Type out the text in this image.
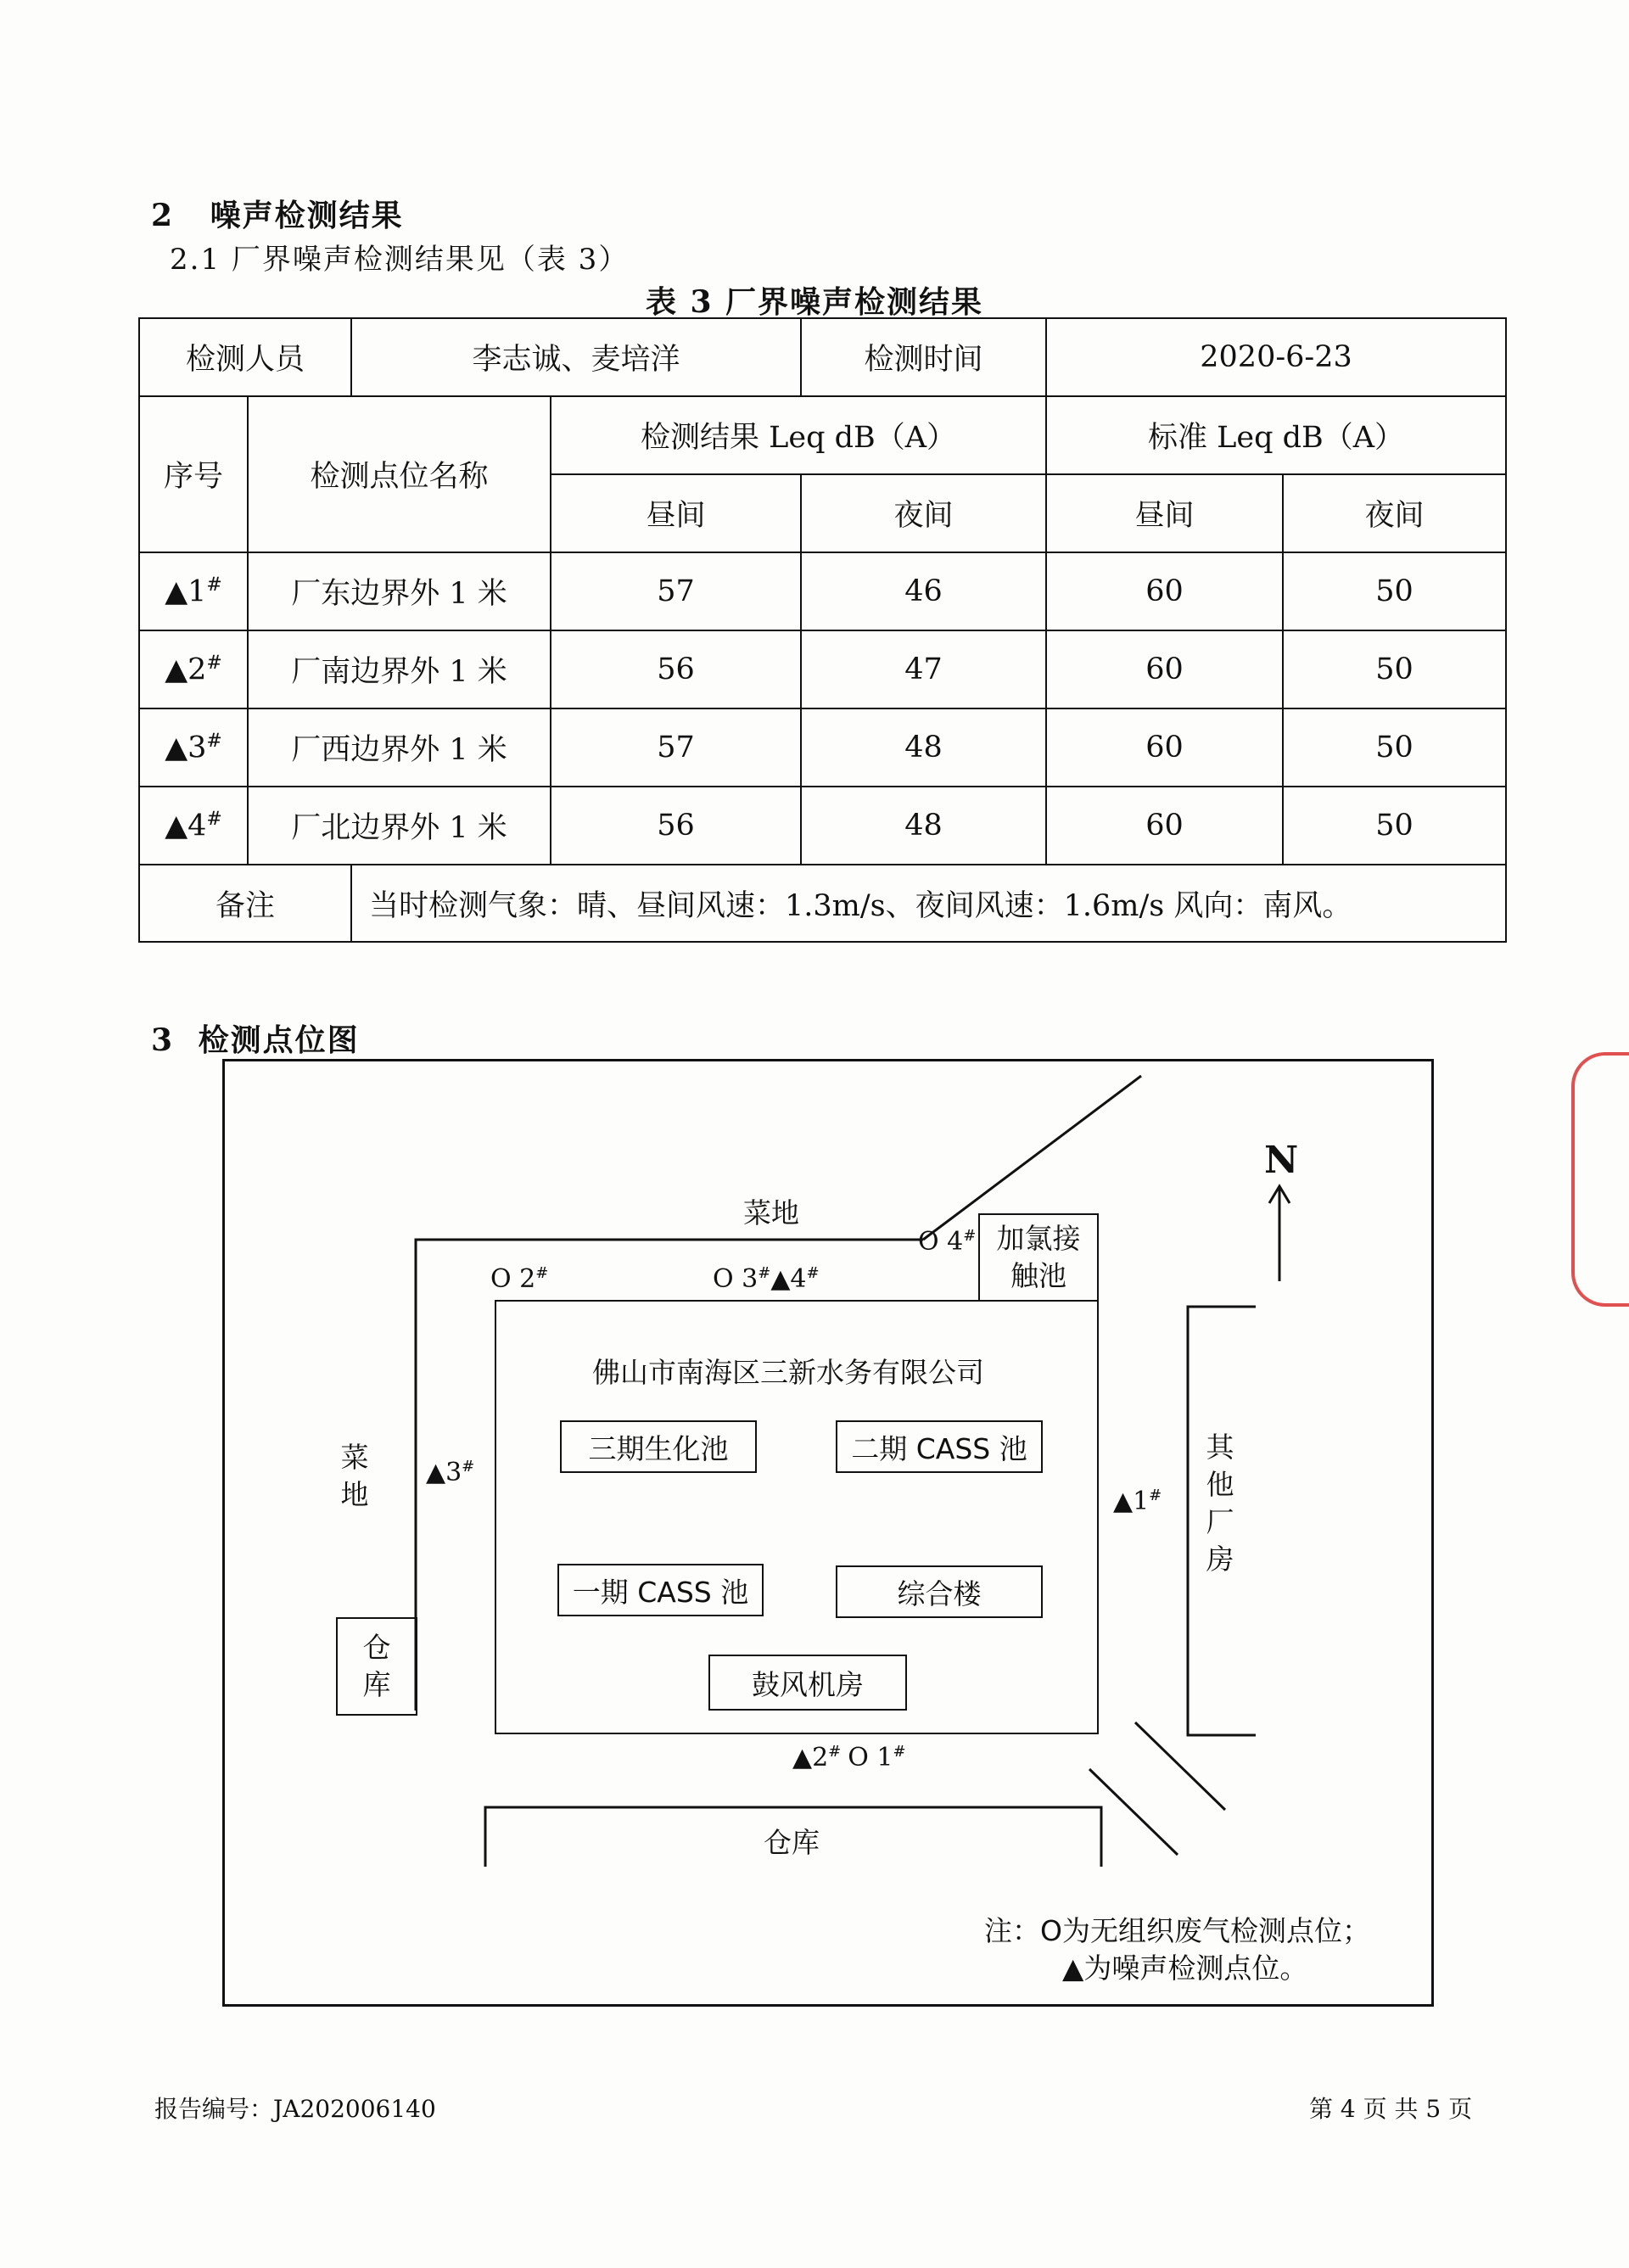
2 噪声检测结果
2.1 厂界噪声检测结果见（表 3）
表 3 厂界噪声检测结果
检测人员		李志诚、麦培洋		检测时间	2020-6-23	
序号	检测点位名称		检测结果 Leq dB（A）		标准 Leq dB（A）	
			昼间	夜间	昼间	夜间
▲1#	厂东边界外 1 米		57	46	60	50
▲2#	厂南边界外 1 米		56	47	60	50
▲3#	厂西边界外 1 米		57	48	60	50
▲4#	厂北边界外 1 米		56	48	60	50
备注		当时检测气象：晴、昼间风速：1.3m/s、夜间风速：1.6m/s 风向：南风。				
3 检测点位图
N
佛山市南海区三新水务有限公司
三期生化池	二期 CASS 池
一期 CASS 池	综合楼
鼓风机房
加氯接触池
仓库
菜地
菜地
其他厂房
仓库
O 2#	O 3#▲4#
O 4#
▲3#
▲1#
▲2# O 1#
注：O为无组织废气检测点位；
▲为噪声检测点位。
报告编号：JA202006140	第 4 页 共 5 页
